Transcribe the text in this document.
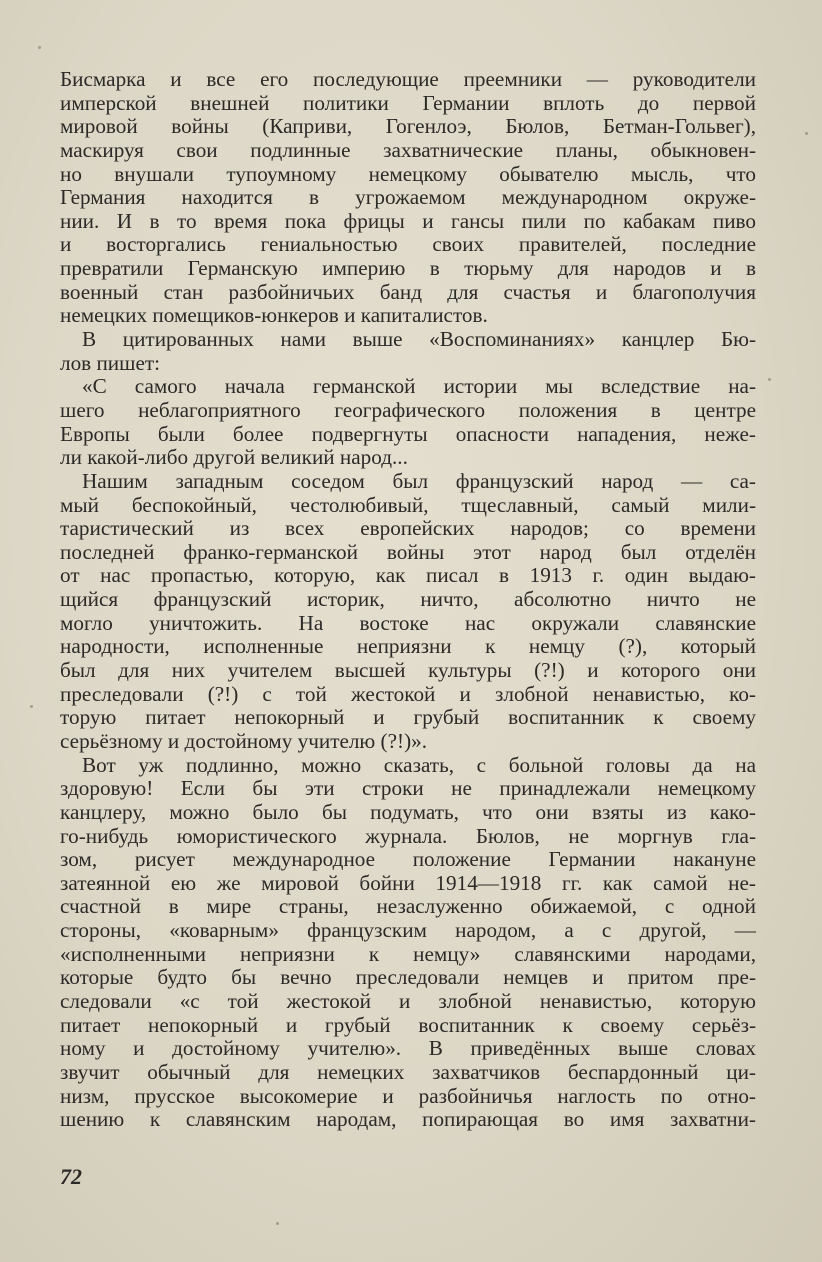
Бисмарка и все его последующие преемники — руководители
имперской внешней политики Германии вплоть до первой
мировой войны (Каприви, Гогенлоэ, Бюлов, Бетман-Гольвег),
маскируя свои подлинные захватнические планы, обыкновен-
но внушали тупоумному немецкому обывателю мысль, что
Германия находится в угрожаемом международном окруже-
нии. И в то время пока фрицы и гансы пили по кабакам пиво
и восторгались гениальностью своих правителей, последние
превратили Германскую империю в тюрьму для народов и в
военный стан разбойничьих банд для счастья и благополучия
немецких помещиков-юнкеров и капиталистов.
В цитированных нами выше «Воспоминаниях» канцлер Бю-
лов пишет:
«С самого начала германской истории мы вследствие на-
шего неблагоприятного географического положения в центре
Европы были более подвергнуты опасности нападения, неже-
ли какой-либо другой великий народ...
Нашим западным соседом был французский народ — са-
мый беспокойный, честолюбивый, тщеславный, самый мили-
таристический из всех европейских народов; со времени
последней франко-германской войны этот народ был отделён
от нас пропастью, которую, как писал в 1913 г. один выдаю-
щийся французский историк, ничто, абсолютно ничто не
могло уничтожить. На востоке нас окружали славянские
народности, исполненные неприязни к немцу (?), который
был для них учителем высшей культуры (?!) и которого они
преследовали (?!) с той жестокой и злобной ненавистью, ко-
торую питает непокорный и грубый воспитанник к своему
серьёзному и достойному учителю (?!)».
Вот уж подлинно, можно сказать, с больной головы да на
здоровую! Если бы эти строки не принадлежали немецкому
канцлеру, можно было бы подумать, что они взяты из како-
го-нибудь юмористического журнала. Бюлов, не моргнув гла-
зом, рисует международное положение Германии накануне
затеянной ею же мировой бойни 1914—1918 гг. как самой не-
счастной в мире страны, незаслуженно обижаемой, с одной
стороны, «коварным» французским народом, а с другой, —
«исполненными неприязни к немцу» славянскими народами,
которые будто бы вечно преследовали немцев и притом пре-
следовали «с той жестокой и злобной ненавистью, которую
питает непокорный и грубый воспитанник к своему серьёз-
ному и достойному учителю». В приведённых выше словах
звучит обычный для немецких захватчиков беспардонный ци-
низм, прусское высокомерие и разбойничья наглость по отно-
шению к славянским народам, попирающая во имя захватни-
72
